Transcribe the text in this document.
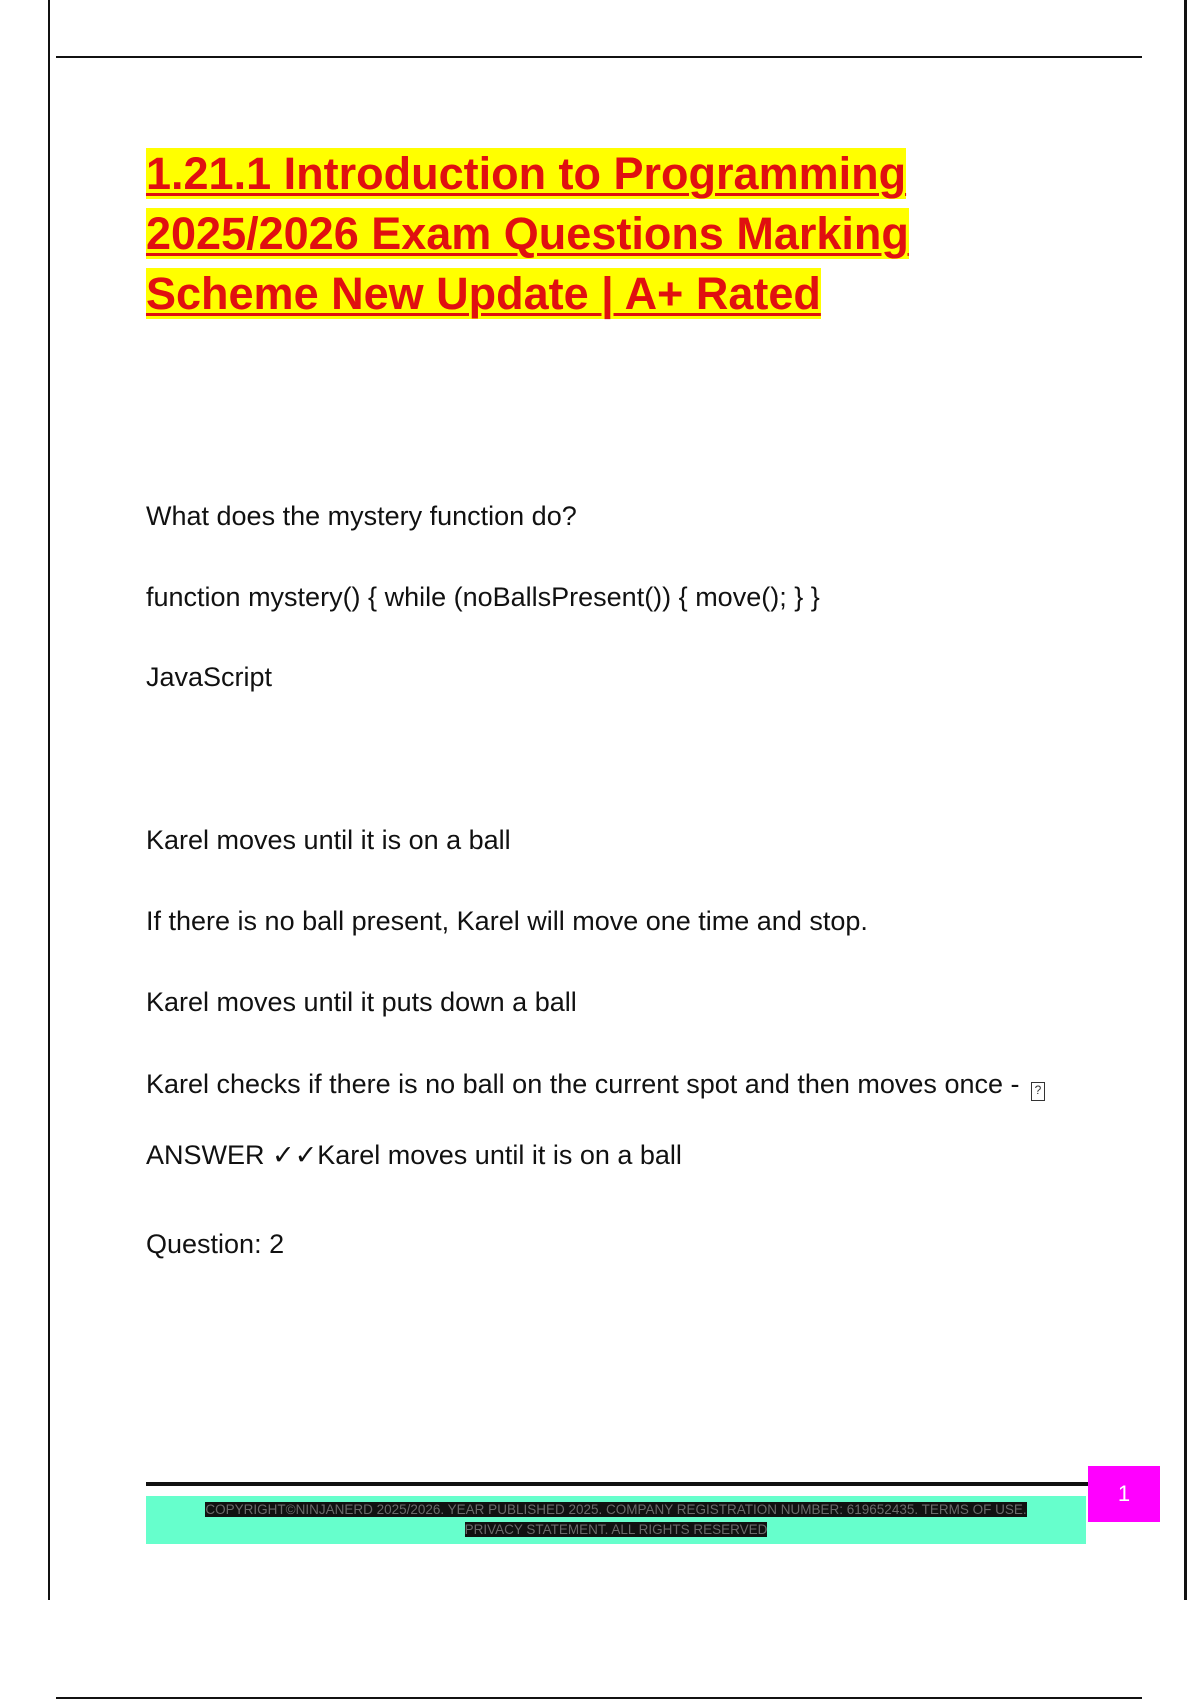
1.21.1 Introduction to Programming 2025/2026 Exam Questions Marking Scheme New Update | A+ Rated

What does the mystery function do?

function mystery() { while (noBallsPresent()) { move(); } }

JavaScript

Karel moves until it is on a ball

If there is no ball present, Karel will move one time and stop.

Karel moves until it puts down a ball

Karel checks if there is no ball on the current spot and then moves once - ?

ANSWER ✓✓Karel moves until it is on a ball

Question: 2

COPYRIGHT©NINJANERD 2025/2026. YEAR PUBLISHED 2025. COMPANY REGISTRATION NUMBER: 619652435. TERMS OF USE. PRIVACY STATEMENT. ALL RIGHTS RESERVED
1
